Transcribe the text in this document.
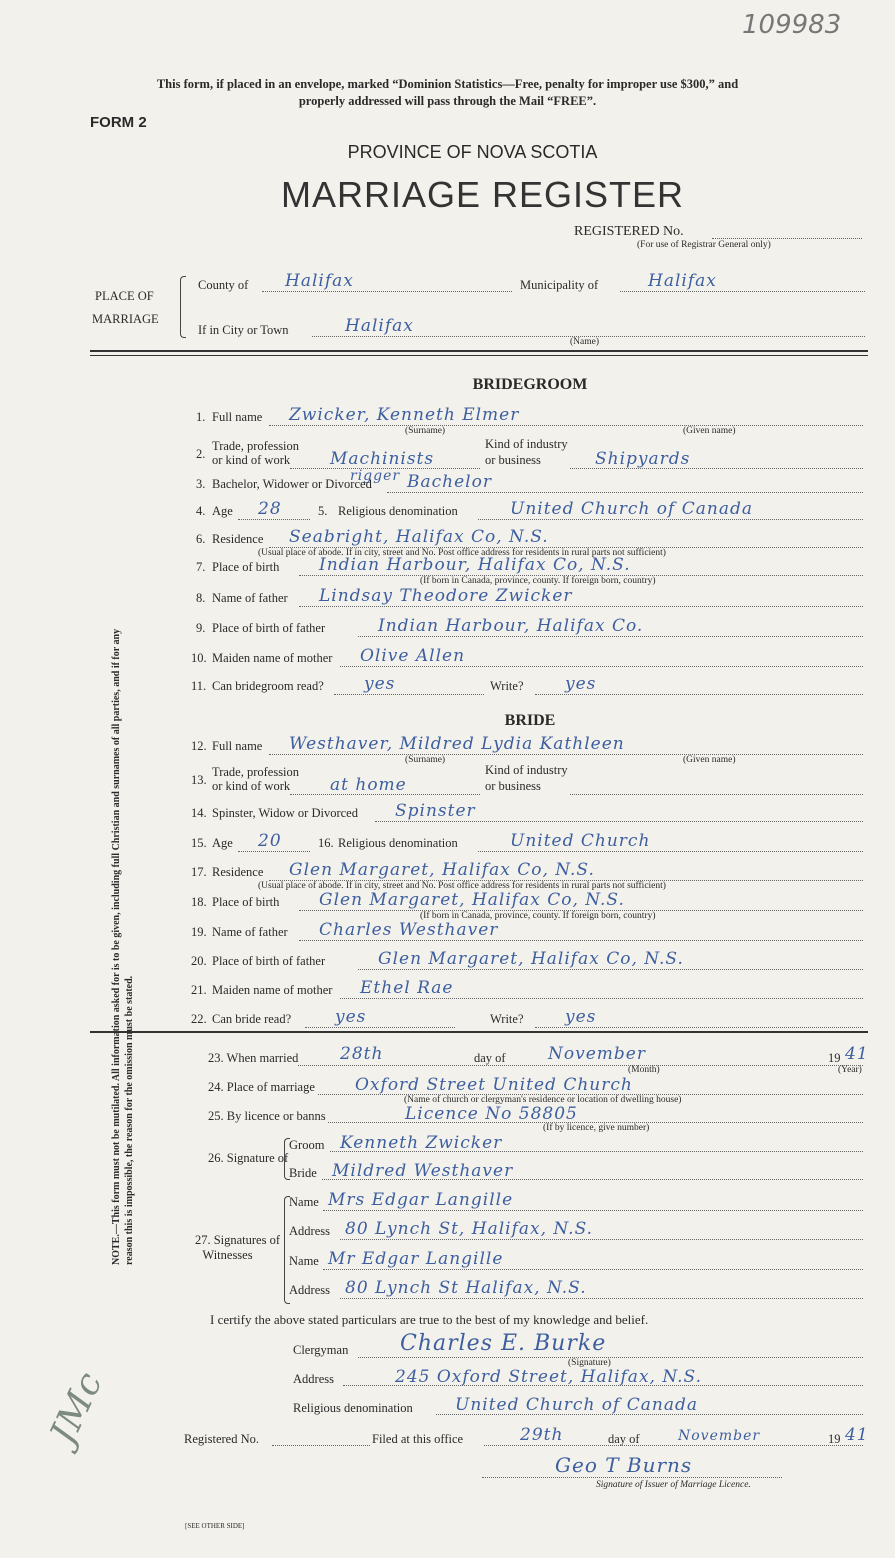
109983
This form, if placed in an envelope, marked “Dominion Statistics—Free, penalty for improper use $300,” and
properly addressed will pass through the Mail “FREE”.
FORM 2
PROVINCE OF NOVA SCOTIA
MARRIAGE REGISTER
REGISTERED No.
(For use of Registrar General only)
PLACE OF
MARRIAGE
County of Halifax	Municipality of	Halifax
If in City or Town	Halifax
(Name)
BRIDEGROOM
1. Full name Zwicker, Kenneth Elmer
(Surname)	(Given name)
2.
Trade, profession
or kind of work Machinists
rigger
Kind of industry
or business	Shipyards
3. Bachelor, Widower or Divorced Bachelor
4. Age 28	5. Religious denomination	United Church of Canada
6. Residence Seabright, Halifax Co, N.S.
(Usual place of abode. If in city, street and No. Post office address for residents in rural parts not sufficient)
7. Place of birth Indian Harbour, Halifax Co, N.S.
(If born in Canada, province, county. If foreign born, country)
8. Name of father Lindsay Theodore Zwicker
9. Place of birth of father	Indian Harbour, Halifax Co.
10. Maiden name of mother Olive Allen
11. Can bridegroom read? yes	Write? yes
BRIDE
12. Full name Westhaver, Mildred Lydia Kathleen
(Surname)	(Given name)
13.
Trade, profession
or kind of work at home
Kind of industry
or business
14. Spinster, Widow or Divorced Spinster
15. Age 20	16. Religious denomination	United Church
17. Residence Glen Margaret, Halifax Co, N.S.
(Usual place of abode. If in city, street and No. Post office address for residents in rural parts not sufficient)
18. Place of birth Glen Margaret, Halifax Co, N.S.
(If born in Canada, province, county. If foreign born, country)
19. Name of father Charles Westhaver
20. Place of birth of father	Glen Margaret, Halifax Co, N.S.
21. Maiden name of mother Ethel Rae
22. Can bride read?	yes	Write? yes
23. When married 28th	day of November
(Month)
19 41
(Year)
24. Place of marriage Oxford Street United Church
(Name of church or clergyman's residence or location of dwelling house)
25. By licence or banns	Licence No 58805
(If by licence, give number)
26. Signature of
Groom Kenneth Zwicker
Bride Mildred Westhaver
27. Signatures of
Witnesses
Name Mrs Edgar Langille
Address 80 Lynch St, Halifax, N.S.
Name Mr Edgar Langille
Address 80 Lynch St Halifax, N.S.
I certify the above stated particulars are true to the best of my knowledge and belief.
Clergyman Charles E. Burke
(Signature)
Address	245 Oxford Street, Halifax, N.S.
Religious denomination United Church of Canada
Registered No.	Filed at this office	29th	day of	November	19 41
Geo T Burns
Signature of Issuer of Marriage Licence.
[SEE OTHER SIDE]
NOTE.—This form must not be mutilated. All information asked for is to be given, including full Christian and surnames of all parties, and if for any reason this is impossible, the reason for the omission must be stated.
JMc
